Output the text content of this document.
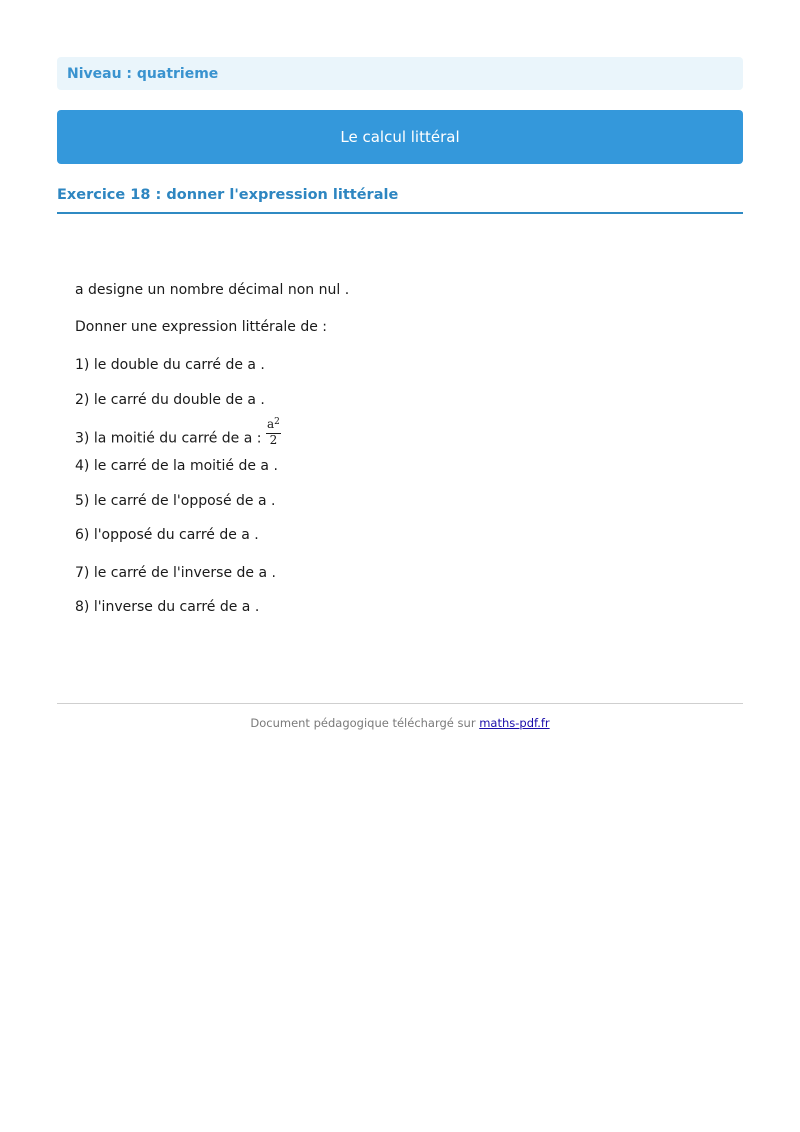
Niveau : quatrieme
Le calcul littéral
Exercice 18 : donner l'expression littérale
a designe un nombre décimal non nul .
Donner une expression littérale de :
1) le double du carré de a .
2) le carré du double de a .
3) la moitié du carré de a : $\frac{a^2}{2}$
4) le carré de la moitié de a .
5) le carré de l'opposé de a .
6) l'opposé du carré de a .
7) le carré de l'inverse de a .
8) l'inverse du carré de a .
Document pédagogique téléchargé sur maths-pdf.fr
